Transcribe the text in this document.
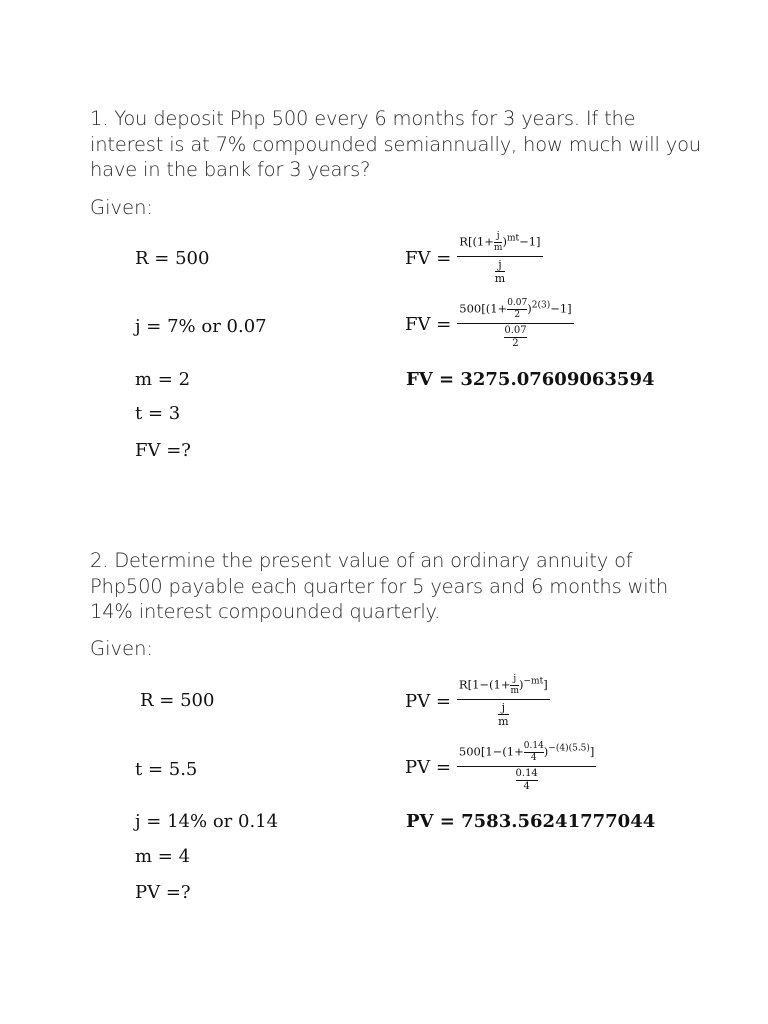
1. You deposit Php 500 every 6 months for 3 years. If the interest is at 7% compounded semiannually, how much will you have in the bank for 3 years?
Given:
R = 500
j = 7% or 0.07
m = 2
t = 3
FV =?
FV = $R[(1+ \frac{j}{m} )^{mt}-1]$
j
m
FV = $500[(1+ \frac{0.07}{2} )^{2(3)}-1]$
0.07
2
FV = 3275.07609063594
2. Determine the present value of an ordinary annuity of Php500 payable each quarter for 5 years and 6 months with 14% interest compounded quarterly.
Given:
R = 500
t = 5.5
j = 14% or 0.14
m = 4
PV =?
PV = $R[1-(1+ \frac{j}{m} )^{-mt}]$
j
m
PV = $500[1-(1+ \frac{0.14}{4} )^{-(4)(5.5)}]$
0.14
4
PV = 7583.56241777044
